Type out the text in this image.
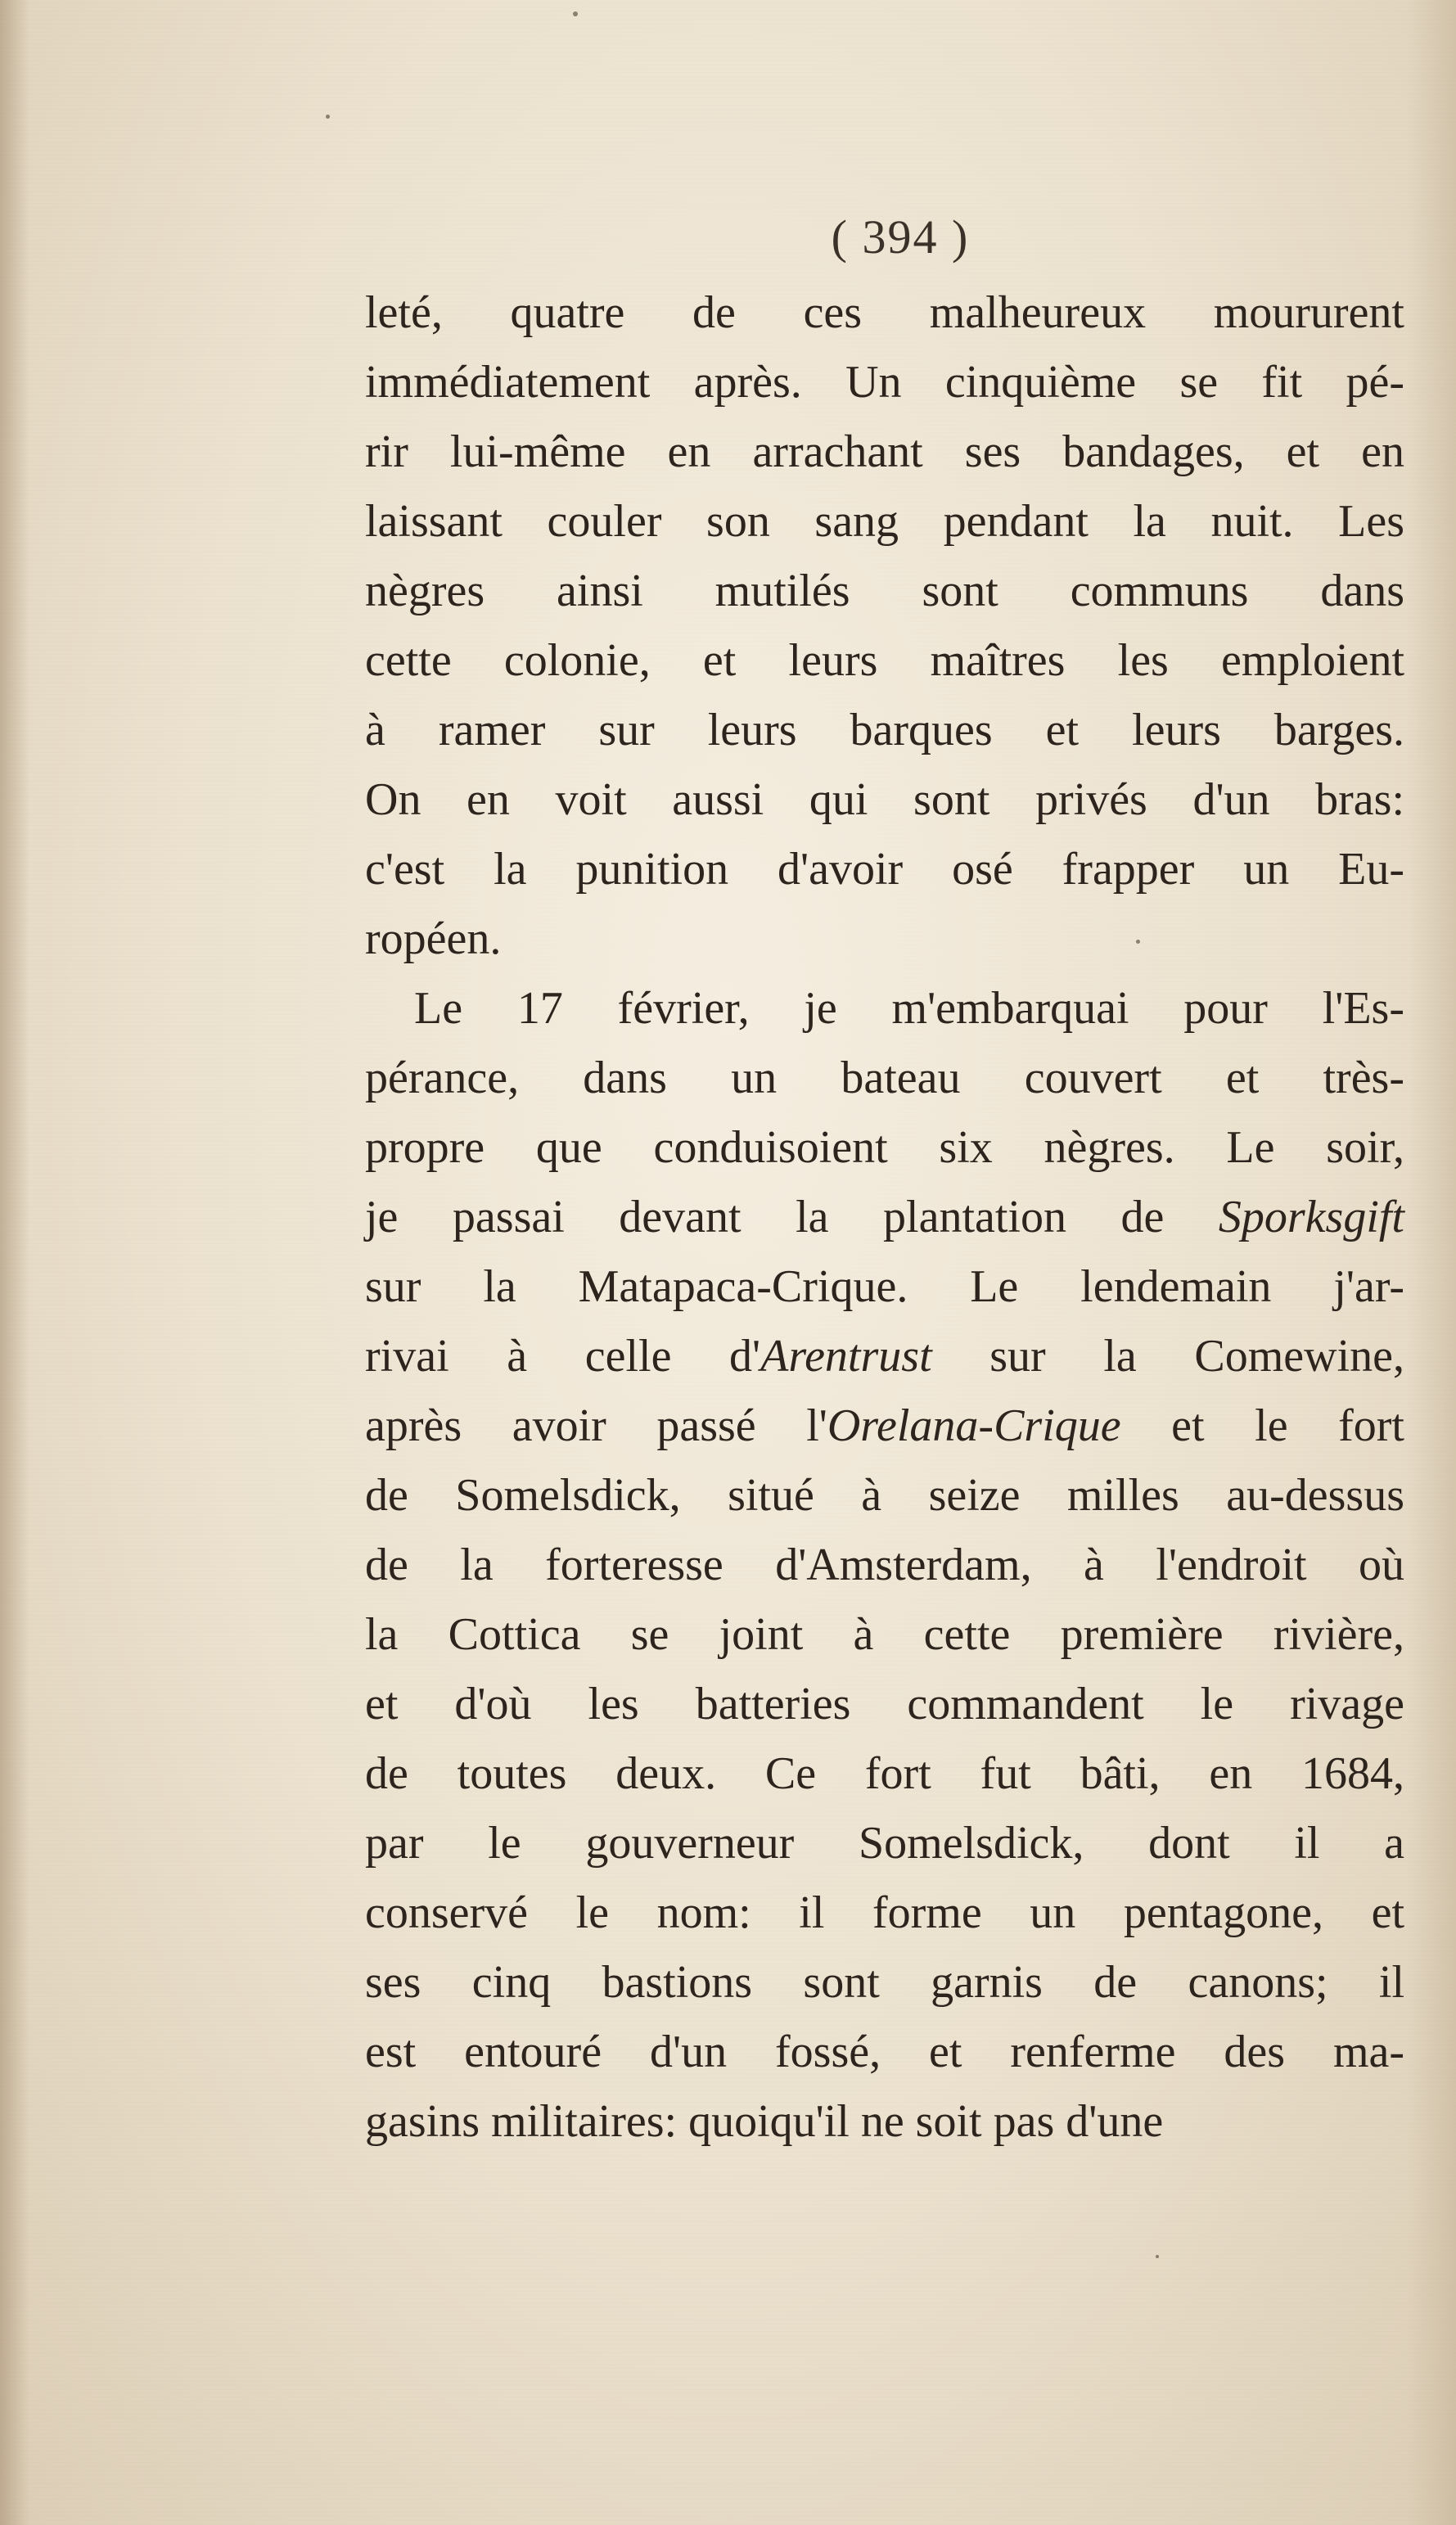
( 394 )
leté, quatre de ces malheureux moururent
immédiatement après. Un cinquième se fit pé-
rir lui-même en arrachant ses bandages, et en
laissant couler son sang pendant la nuit. Les
nègres ainsi mutilés sont communs dans
cette colonie, et leurs maîtres les emploient
à ramer sur leurs barques et leurs barges.
On en voit aussi qui sont privés d'un bras:
c'est la punition d'avoir osé frapper un Eu-
ropéen.
Le 17 février, je m'embarquai pour l'Es-
pérance, dans un bateau couvert et très-
propre que conduisoient six nègres. Le soir,
je passai devant la plantation de Sporksgift
sur la Matapaca-Crique. Le lendemain j'ar-
rivai à celle d'Arentrust sur la Comewine,
après avoir passé l'Orelana-Crique et le fort
de Somelsdick, situé à seize milles au-dessus
de la forteresse d'Amsterdam, à l'endroit où
la Cottica se joint à cette première rivière,
et d'où les batteries commandent le rivage
de toutes deux. Ce fort fut bâti, en 1684,
par le gouverneur Somelsdick, dont il a
conservé le nom: il forme un pentagone, et
ses cinq bastions sont garnis de canons; il
est entouré d'un fossé, et renferme des ma-
gasins militaires: quoiqu'il ne soit pas d'une
